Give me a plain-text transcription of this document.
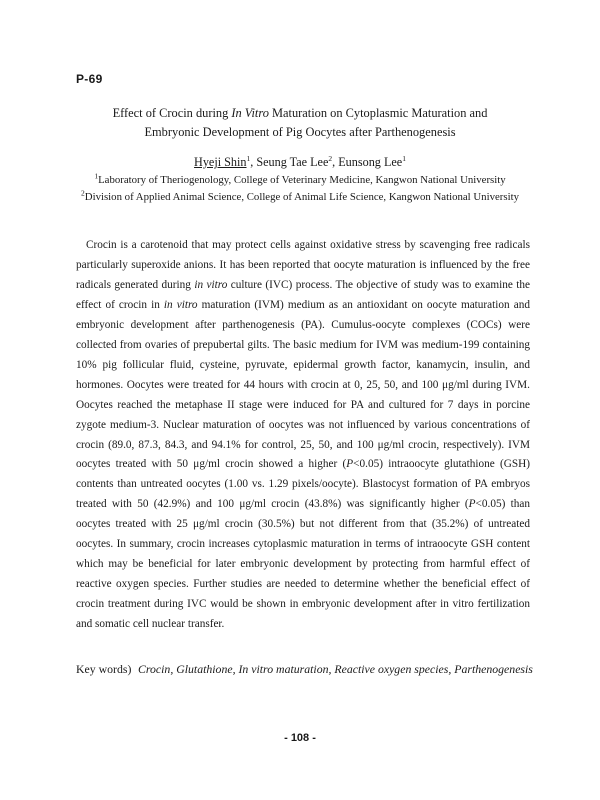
P-69
Effect of Crocin during In Vitro Maturation on Cytoplasmic Maturation and
Embryonic Development of Pig Oocytes after Parthenogenesis
Hyeji Shin$^1$, Seung Tae Lee$^2$, Eunsong Lee$^1$
$^1$Laboratory of Theriogenology, College of Veterinary Medicine, Kangwon National University
$^2$Division of Applied Animal Science, College of Animal Life Science, Kangwon National University

Crocin is a carotenoid that may protect cells against oxidative stress by scavenging free radicals particularly superoxide anions. It has been reported that oocyte maturation is influenced by the free radicals generated during in vitro culture (IVC) process. The objective of study was to examine the effect of crocin in in vitro maturation (IVM) medium as an antioxidant on oocyte maturation and embryonic development after parthenogenesis (PA). Cumulus-oocyte complexes (COCs) were collected from ovaries of prepubertal gilts. The basic medium for IVM was medium-199 containing 10% pig follicular fluid, cysteine, pyruvate, epidermal growth factor, kanamycin, insulin, and hormones. Oocytes were treated for 44 hours with crocin at 0, 25, 50, and 100 μg/ml during IVM. Oocytes reached the metaphase II stage were induced for PA and cultured for 7 days in porcine zygote medium-3. Nuclear maturation of oocytes was not influenced by various concentrations of crocin (89.0, 87.3, 84.3, and 94.1% for control, 25, 50, and 100 μg/ml crocin, respectively). IVM oocytes treated with 50 μg/ml crocin showed a higher (P<0.05) intraoocyte glutathione (GSH) contents than untreated oocytes (1.00 vs. 1.29 pixels/oocyte). Blastocyst formation of PA embryos treated with 50 (42.9%) and 100 μg/ml crocin (43.8%) was significantly higher (P<0.05) than oocytes treated with 25 μg/ml crocin (30.5%) but not different from that (35.2%) of untreated oocytes. In summary, crocin increases cytoplasmic maturation in terms of intraoocyte GSH content which may be beneficial for later embryonic development by protecting from harmful effect of reactive oxygen species. Further studies are needed to determine whether the beneficial effect of crocin treatment during IVC would be shown in embryonic development after in vitro fertilization and somatic cell nuclear transfer.

Key words) Crocin, Glutathione, In vitro maturation, Reactive oxygen species, Parthenogenesis
- 108 -
